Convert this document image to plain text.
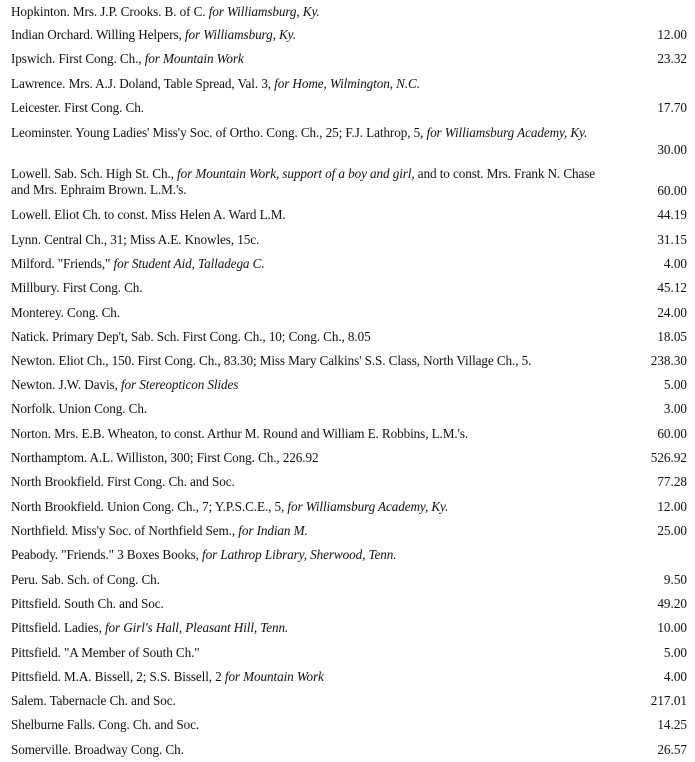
Hopkinton. Mrs. J.P. Crooks. B. of C. for Williamsburg, Ky.
Indian Orchard. Willing Helpers, for Williamsburg, Ky.	12.00
Ipswich. First Cong. Ch., for Mountain Work	23.32
Lawrence. Mrs. A.J. Doland, Table Spread, Val. 3, for Home, Wilmington, N.C.
Leicester. First Cong. Ch.	17.70
Leominster. Young Ladies' Miss'y Soc. of Ortho. Cong. Ch., 25; F.J. Lathrop, 5, for Williamsburg Academy, Ky.
30.00
Lowell. Sab. Sch. High St. Ch., for Mountain Work, support of a boy and girl, and to const. Mrs. Frank N. Chase and Mrs. Ephraim Brown. L.M.'s.	60.00
Lowell. Eliot Ch. to const. Miss Helen A. Ward L.M.	44.19
Lynn. Central Ch., 31; Miss A.E. Knowles, 15c.	31.15
Milford. "Friends," for Student Aid, Talladega C.	4.00
Millbury. First Cong. Ch.	45.12
Monterey. Cong. Ch.	24.00
Natick. Primary Dep't, Sab. Sch. First Cong. Ch., 10; Cong. Ch., 8.05	18.05
Newton. Eliot Ch., 150. First Cong. Ch., 83.30; Miss Mary Calkins' S.S. Class, North Village Ch., 5.	238.30
Newton. J.W. Davis, for Stereopticon Slides	5.00
Norfolk. Union Cong. Ch.	3.00
Norton. Mrs. E.B. Wheaton, to const. Arthur M. Round and William E. Robbins, L.M.'s.	60.00
Northamptom. A.L. Williston, 300; First Cong. Ch., 226.92	526.92
North Brookfield. First Cong. Ch. and Soc.	77.28
North Brookfield. Union Cong. Ch., 7; Y.P.S.C.E., 5, for Williamsburg Academy, Ky.	12.00
Northfield. Miss'y Soc. of Northfield Sem., for Indian M.	25.00
Peabody. "Friends." 3 Boxes Books, for Lathrop Library, Sherwood, Tenn.
Peru. Sab. Sch. of Cong. Ch.	9.50
Pittsfield. South Ch. and Soc.	49.20
Pittsfield. Ladies, for Girl's Hall, Pleasant Hill, Tenn.	10.00
Pittsfield. "A Member of South Ch."	5.00
Pittsfield. M.A. Bissell, 2; S.S. Bissell, 2 for Mountain Work	4.00
Salem. Tabernacle Ch. and Soc.	217.01
Shelburne Falls. Cong. Ch. and Soc.	14.25
Somerville. Broadway Cong. Ch.	26.57
